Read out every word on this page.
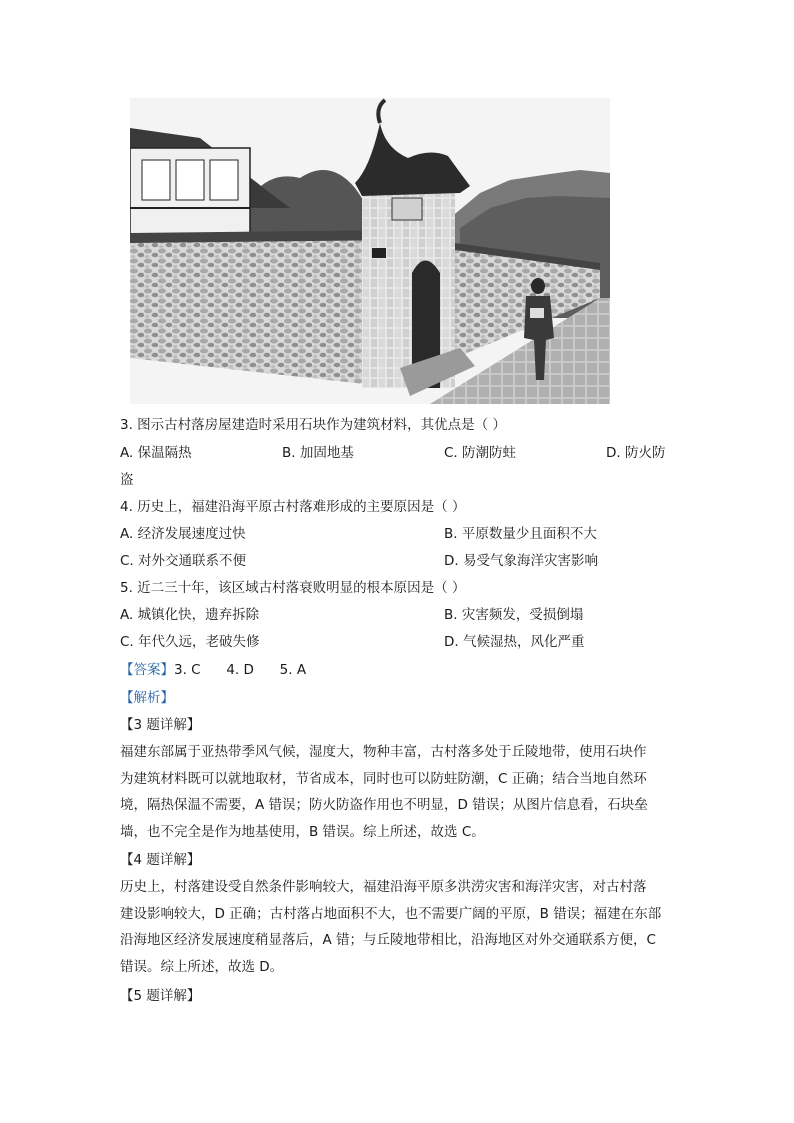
3. 图示古村落房屋建造时采用石块作为建筑材料，其优点是（ ）
A. 保温隔热	B. 加固地基	C. 防潮防蛀	D. 防火防
盗
4. 历史上，福建沿海平原古村落难形成的主要原因是（ ）
A. 经济发展速度过快	B. 平原数量少且面积不大
C. 对外交通联系不便	D. 易受气象海洋灾害影响
5. 近二三十年，该区域古村落衰败明显的根本原因是（ ）
A. 城镇化快，遗弃拆除	B. 灾害频发，受损倒塌
C. 年代久远，老破失修	D. 气候湿热，风化严重
【答案】3. C      4. D      5. A
【解析】
【3 题详解】
福建东部属于亚热带季风气候，湿度大，物种丰富，古村落多处于丘陵地带，使用石块作
为建筑材料既可以就地取材，节省成本，同时也可以防蛀防潮，C 正确；结合当地自然环
境，隔热保温不需要，A 错误；防火防盗作用也不明显，D 错误；从图片信息看，石块垒
墙，也不完全是作为地基使用，B 错误。综上所述，故选 C。
【4 题详解】
历史上，村落建设受自然条件影响较大，福建沿海平原多洪涝灾害和海洋灾害，对古村落
建设影响较大，D 正确；古村落占地面积不大，也不需要广阔的平原，B 错误；福建在东部
沿海地区经济发展速度稍显落后，A 错；与丘陵地带相比，沿海地区对外交通联系方便，C
错误。综上所述，故选 D。
【5 题详解】
